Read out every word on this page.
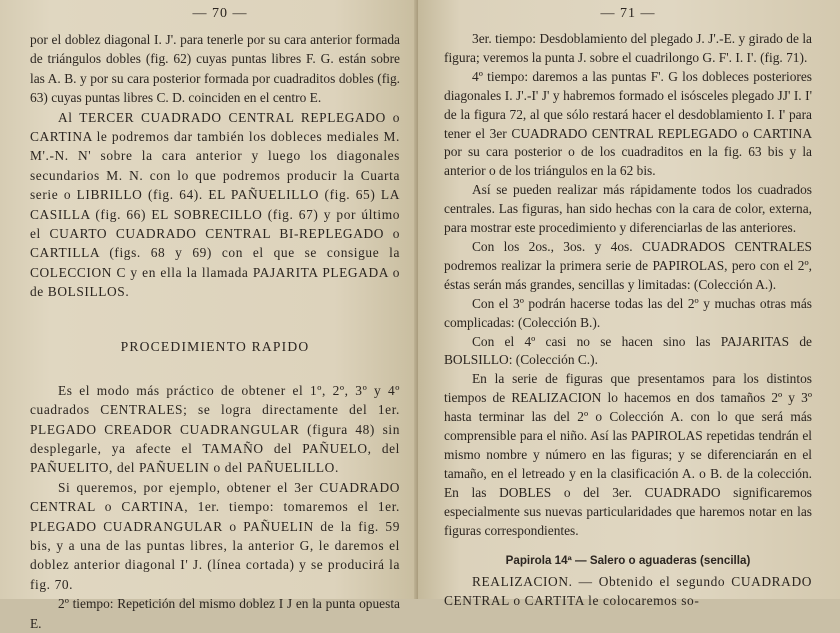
— 70 —

por el doblez diagonal I. J'. para tenerle por su cara anterior formada de triángulos dobles (fig. 62) cuyas puntas libres F. G. están sobre las A. B. y por su cara posterior formada por cuadraditos dobles (fig. 63) cuyas puntas libres C. D. coinciden en el centro E.

Al TERCER CUADRADO CENTRAL REPLEGADO o CARTINA le podremos dar también los dobleces mediales M. M'.-N. N' sobre la cara anterior y luego los diagonales secundarios M. N. con lo que podremos producir la Cuarta serie o LIBRILLO (fig. 64). EL PAÑUELILLO (fig. 65) LA CASILLA (fig. 66) EL SOBRECILLO (fig. 67) y por último el CUARTO CUADRADO CENTRAL BI-REPLEGADO o CARTILLA (figs. 68 y 69) con el que se consigue la COLECCION C y en ella la llamada PAJARITA PLEGADA o de BOLSILLOS.

PROCEDIMIENTO RAPIDO

Es el modo más práctico de obtener el 1º, 2º, 3º y 4º cuadrados CENTRALES; se logra directamente del 1er. PLEGADO CREADOR CUADRANGULAR (figura 48) sin desplegarle, ya afecte el TAMAÑO del PAÑUELO, del PAÑUELITO, del PAÑUELIN o del PAÑUELILLO.

Si queremos, por ejemplo, obtener el 3er CUADRADO CENTRAL o CARTINA, 1er. tiempo: tomaremos el 1er. PLEGADO CUADRANGULAR o PAÑUELIN de la fig. 59 bis, y a una de las puntas libres, la anterior G, le daremos el doblez anterior diagonal I' J. (línea cortada) y se producirá la fig. 70.

2º tiempo: Repetición del mismo doblez I J en la punta opuesta E.

— 71 —

3er. tiempo: Desdoblamiento del plegado J. J'.-E. y girado de la figura; veremos la punta J. sobre el cuadrilongo G. F'. I. I'. (fig. 71).

4º tiempo: daremos a las puntas F'. G los dobleces posteriores diagonales I. J'.-I' J' y habremos formado el isósceles plegado JJ' I. I' de la figura 72, al que sólo restará hacer el desdoblamiento I. I' para tener el 3er CUADRADO CENTRAL REPLEGADO o CARTINA por su cara posterior o de los cuadraditos en la fig. 63 bis y la anterior o de los triángulos en la 62 bis.

Así se pueden realizar más rápidamente todos los cuadrados centrales. Las figuras, han sido hechas con la cara de color, externa, para mostrar este procedimiento y diferenciarlas de las anteriores.

Con los 2os., 3os. y 4os. CUADRADOS CENTRALES podremos realizar la primera serie de PAPIROLAS, pero con el 2º, éstas serán más grandes, sencillas y limitadas: (Colección A.).

Con el 3º podrán hacerse todas las del 2º y muchas otras más complicadas: (Colección B.).

Con el 4º casi no se hacen sino las PAJARITAS de BOLSILLO: (Colección C.).

En la serie de figuras que presentamos para los distintos tiempos de REALIZACION lo hacemos en dos tamaños 2º y 3º hasta terminar las del 2º o Colección A. con lo que será más comprensible para el niño. Así las PAPIROLAS repetidas tendrán el mismo nombre y número en las figuras; y se diferenciarán en el tamaño, en el letreado y en la clasificación A. o B. de la colección. En las DOBLES o del 3er. CUADRADO significaremos especialmente sus nuevas particularidades que haremos notar en las figuras correspondientes.

Papirola 14ª — Salero o aguaderas (sencilla)

REALIZACION. — Obtenido el segundo CUADRADO CENTRAL o CARTITA le colocaremos so-
